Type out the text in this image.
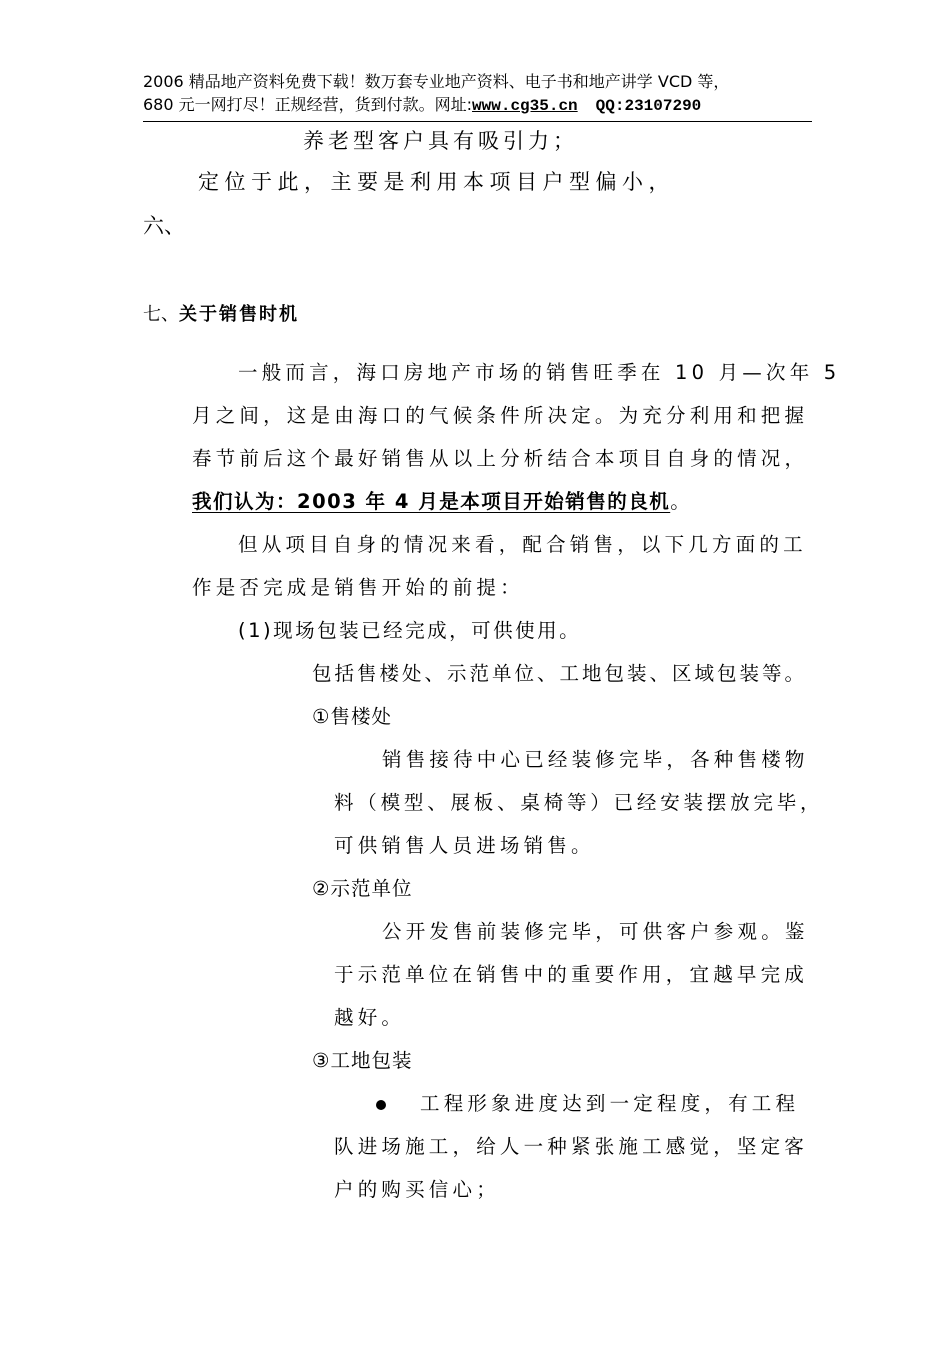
2006 精品地产资料免费下载！数万套专业地产资料、电子书和地产讲学 VCD 等，
680 元一网打尽！正规经营，货到付款。网址:www.cg35.cn QQ:23107290
养老型客户具有吸引力；
定位于此，主要是利用本项目户型偏小，
六、
七、关于销售时机
一般而言，海口房地产市场的销售旺季在 10 月—次年 5
月之间，这是由海口的气候条件所决定。为充分利用和把握
春节前后这个最好销售从以上分析结合本项目自身的情况，
我们认为：2003 年 4 月是本项目开始销售的良机。
但从项目自身的情况来看，配合销售，以下几方面的工
作是否完成是销售开始的前提：
(1)现场包装已经完成，可供使用。
包括售楼处、示范单位、工地包装、区域包装等。
①售楼处
销售接待中心已经装修完毕，各种售楼物
料（模型、展板、桌椅等）已经安装摆放完毕，
可供销售人员进场销售。
②示范单位
公开发售前装修完毕，可供客户参观。鉴
于示范单位在销售中的重要作用，宜越早完成
越好。
③工地包装
工程形象进度达到一定程度，有工程
队进场施工，给人一种紧张施工感觉，坚定客
户的购买信心；
